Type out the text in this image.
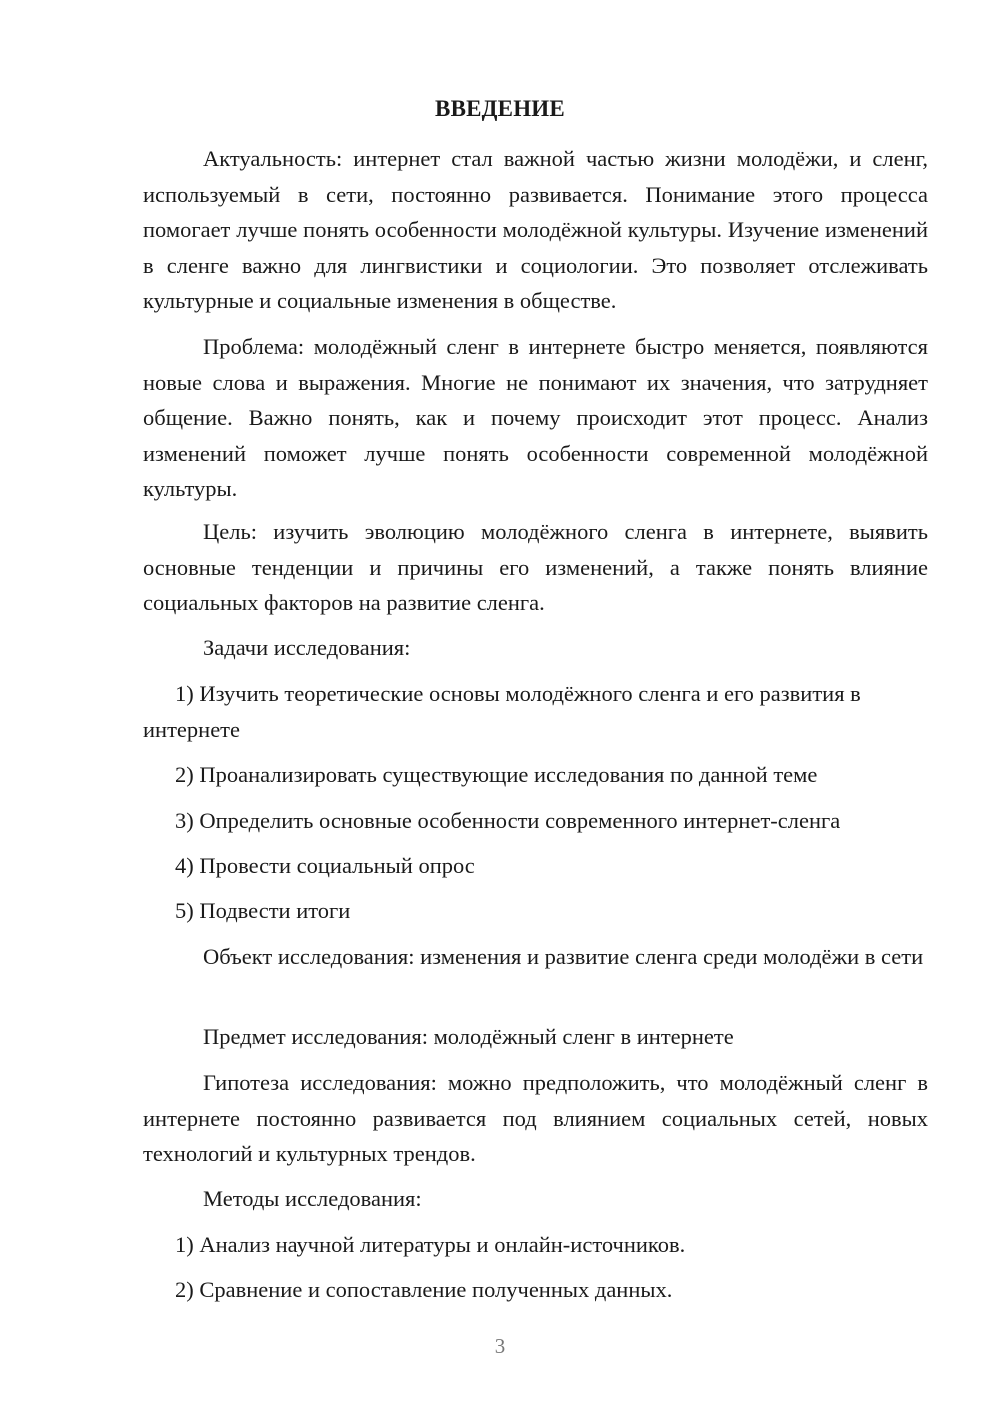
ВВЕДЕНИЕ

Актуальность: интернет стал важной частью жизни молодёжи, и сленг, используемый в сети, постоянно развивается. Понимание этого процесса помогает лучше понять особенности молодёжной культуры. Изучение изменений в сленге важно для лингвистики и социологии. Это позволяет отслеживать культурные и социальные изменения в обществе.

Проблема: молодёжный сленг в интернете быстро меняется, появляются новые слова и выражения. Многие не понимают их значения, что затрудняет общение. Важно понять, как и почему происходит этот процесс. Анализ изменений поможет лучше понять особенности современной молодёжной культуры.

Цель: изучить эволюцию молодёжного сленга в интернете, выявить основные тенденции и причины его изменений, а также понять влияние социальных факторов на развитие сленга.

Задачи исследования:

1) Изучить теоретические основы молодёжного сленга и его развития в интернете

2) Проанализировать существующие исследования по данной теме

3) Определить основные особенности современного интернет-сленга

4) Провести социальный опрос

5) Подвести итоги

Объект исследования: изменения и развитие сленга среди молодёжи в сети

Предмет исследования: молодёжный сленг в интернете

Гипотеза исследования: можно предположить, что молодёжный сленг в интернете постоянно развивается под влиянием социальных сетей, новых технологий и культурных трендов.

Методы исследования:

1) Анализ научной литературы и онлайн-источников.

2) Сравнение и сопоставление полученных данных.

3
